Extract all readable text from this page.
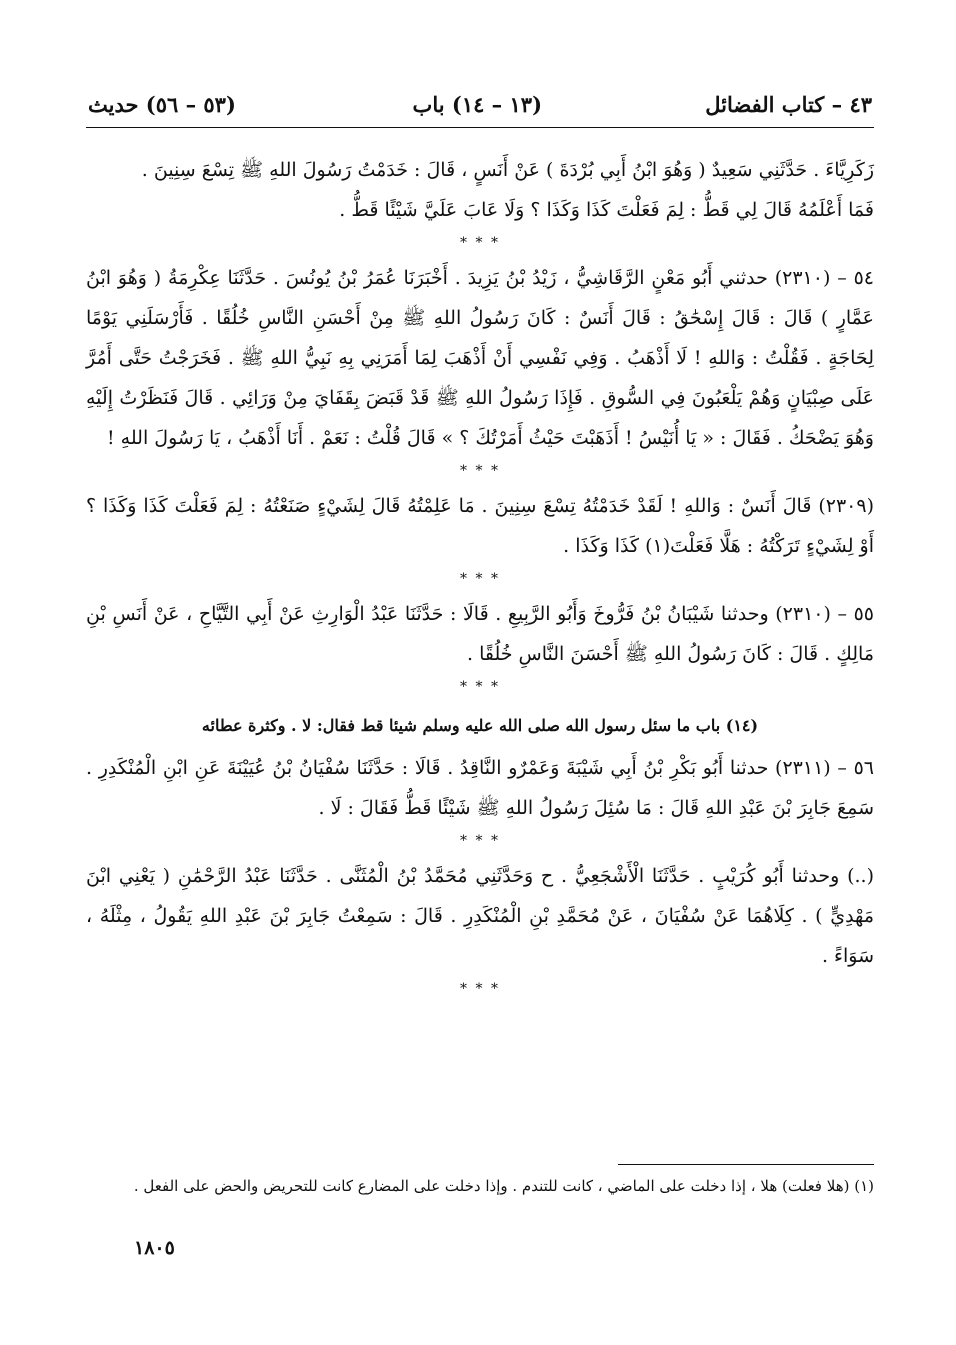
٤٣ – كتاب الفضائل
(١٣ – ١٤) باب
(٥٣ – ٥٦) حديث

زَكَرِيَّاءَ . حَدَّثَنِي سَعِيدٌ ( وَهُوَ ابْنُ أَبِي بُرْدَةَ ) عَنْ أَنَسٍ ، قَالَ : خَدَمْتُ رَسُولَ اللهِ ﷺ تِسْعَ سِنِينَ .

فَمَا أَعْلَمُهُ قَالَ لِي قَطُّ : لِمَ فَعَلْتَ كَذَا وَكَذَا ؟ وَلَا عَابَ عَلَيَّ شَيْئًا قَطُّ .

* * *

٥٤ – (٢٣١٠) حدثني أَبُو مَعْنٍ الرَّقَاشِيُّ ، زَيْدُ بْنُ يَزِيدَ . أَخْبَرَنَا عُمَرُ بْنُ يُونُسَ . حَدَّثَنَا عِكْرِمَةُ ( وَهُوَ ابْنُ عَمَّارٍ ) قَالَ : قَالَ إِسْحَٰقُ : قَالَ أَنَسٌ : كَانَ رَسُولُ اللهِ ﷺ مِنْ أَحْسَنِ النَّاسِ خُلُقًا . فَأَرْسَلَنِي يَوْمًا لِحَاجَةٍ . فَقُلْتُ : وَاللهِ ! لَا أَذْهَبُ . وَفِي نَفْسِي أَنْ أَذْهَبَ لِمَا أَمَرَنِي بِهِ نَبِيُّ اللهِ ﷺ . فَخَرَجْتُ حَتَّى أَمُرَّ عَلَى صِبْيَانٍ وَهُمْ يَلْعَبُونَ فِي السُّوقِ . فَإِذَا رَسُولُ اللهِ ﷺ قَدْ قَبَضَ بِقَفَايَ مِنْ وَرَائِي . قَالَ فَنَظَرْتُ إِلَيْهِ وَهُوَ يَضْحَكُ . فَقَالَ : « يَا أُنَيْسُ ! أَذَهَبْتَ حَيْثُ أَمَرْتُكَ ؟ » قَالَ قُلْتُ : نَعَمْ . أَنَا أَذْهَبُ ، يَا رَسُولَ اللهِ !

* * *

(٢٣٠٩) قَالَ أَنَسٌ : وَاللهِ ! لَقَدْ خَدَمْتُهُ تِسْعَ سِنِينَ . مَا عَلِمْتُهُ قَالَ لِشَيْءٍ صَنَعْتُهُ : لِمَ فَعَلْتَ كَذَا وَكَذَا ؟ أَوْ لِشَيْءٍ تَرَكْتُهُ : هَلَّا فَعَلْتَ(١) كَذَا وَكَذَا .

* * *

٥٥ – (٢٣١٠) وحدثنا شَيْبَانُ بْنُ فَرُّوخَ وَأَبُو الرَّبِيعِ . قَالَا : حَدَّثَنَا عَبْدُ الْوَارِثِ عَنْ أَبِي التَّيَّاحِ ، عَنْ أَنَسِ بْنِ مَالِكٍ . قَالَ : كَانَ رَسُولُ اللهِ ﷺ أَحْسَنَ النَّاسِ خُلُقًا .

* * *

(١٤) باب ما سئل رسول الله صلى الله عليه وسلم شيئا قط فقال: لا . وكثرة عطائه

٥٦ – (٢٣١١) حدثنا أَبُو بَكْرِ بْنُ أَبِي شَيْبَةَ وَعَمْرٌو النَّاقِدُ . قَالَا : حَدَّثَنَا سُفْيَانُ بْنُ عُيَيْنَةَ عَنِ ابْنِ الْمُنْكَدِرِ . سَمِعَ جَابِرَ بْنَ عَبْدِ اللهِ قَالَ : مَا سُئِلَ رَسُولُ اللهِ ﷺ شَيْئًا قَطُّ فَقَالَ : لَا .

* * *

(..) وحدثنا أَبُو كُرَيْبٍ . حَدَّثَنَا الْأَشْجَعِيُّ . ح وَحَدَّثَنِي مُحَمَّدُ بْنُ الْمُثَنَّى . حَدَّثَنَا عَبْدُ الرَّحْمَٰنِ ( يَعْنِي ابْنَ مَهْدِيٍّ ) . كِلَاهُمَا عَنْ سُفْيَانَ ، عَنْ مُحَمَّدِ بْنِ الْمُنْكَدِرِ . قَالَ : سَمِعْتُ جَابِرَ بْنَ عَبْدِ اللهِ يَقُولُ ، مِثْلَهُ ، سَوَاءً .

* * *
(١) (هلا فعلت) هلا ، إذا دخلت على الماضي ، كانت للتندم . وإذا دخلت على المضارع كانت للتحريض والحض على الفعل .
١٨٠٥
